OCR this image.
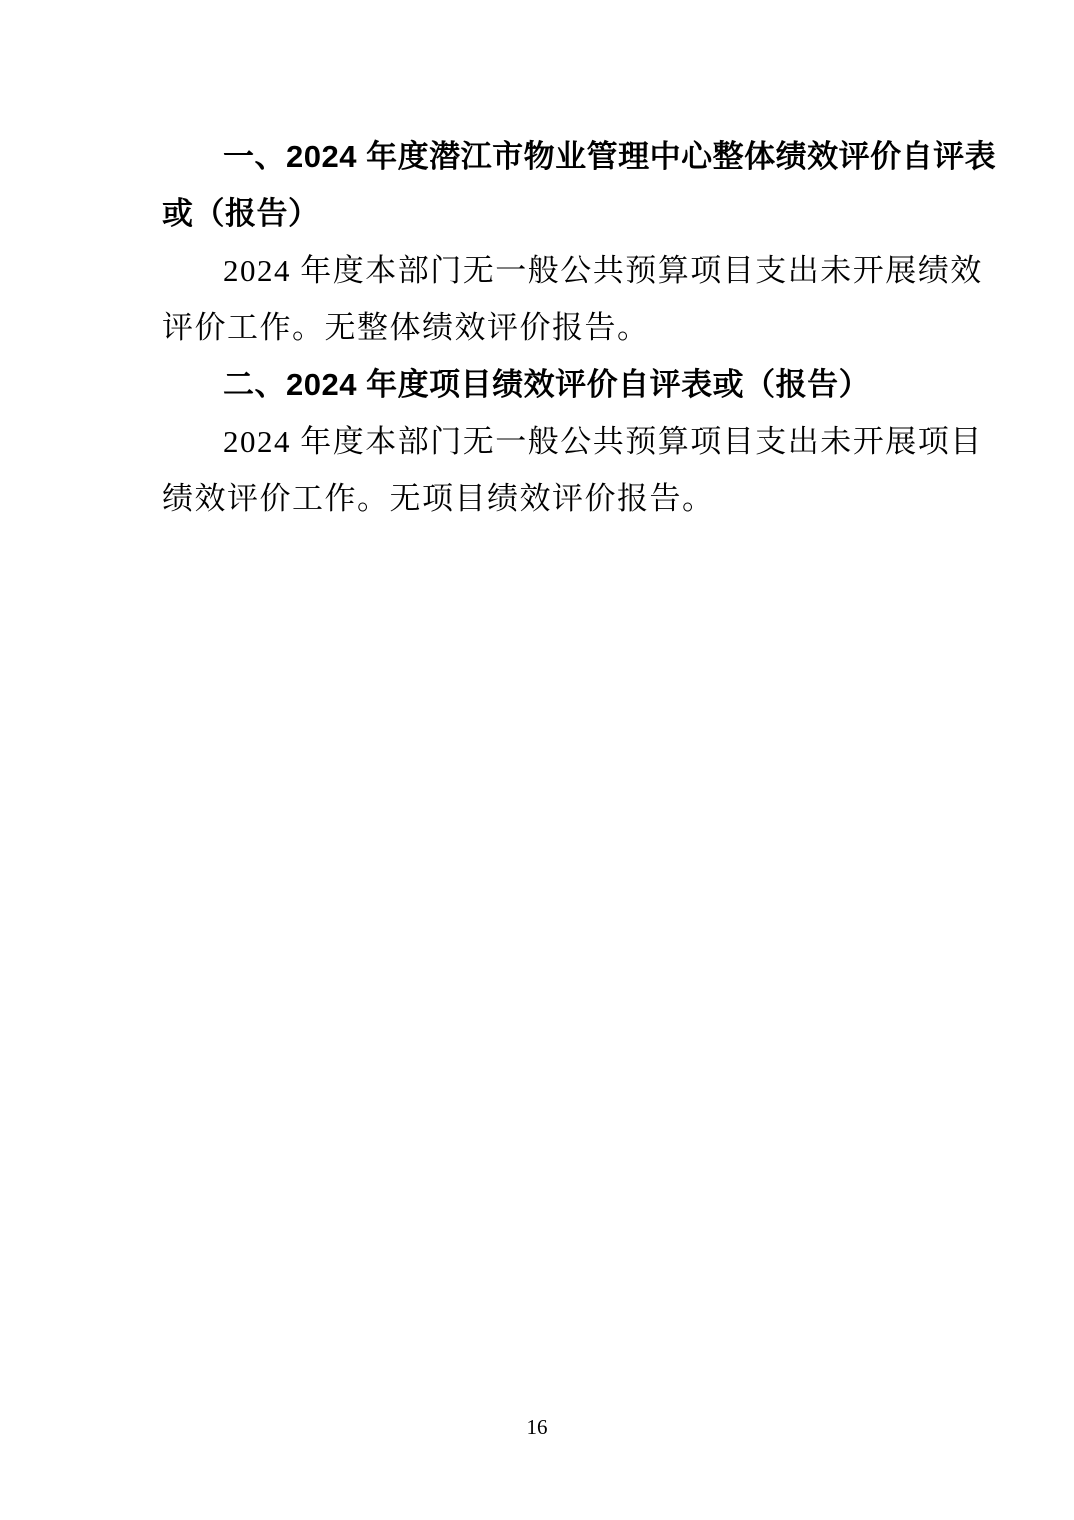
一、2024 年度潜江市物业管理中心整体绩效评价自评表
或（报告）
2024 年度本部门无一般公共预算项目支出未开展绩效
评价工作。无整体绩效评价报告。
二、2024 年度项目绩效评价自评表或（报告）
2024 年度本部门无一般公共预算项目支出未开展项目
绩效评价工作。无项目绩效评价报告。
16
